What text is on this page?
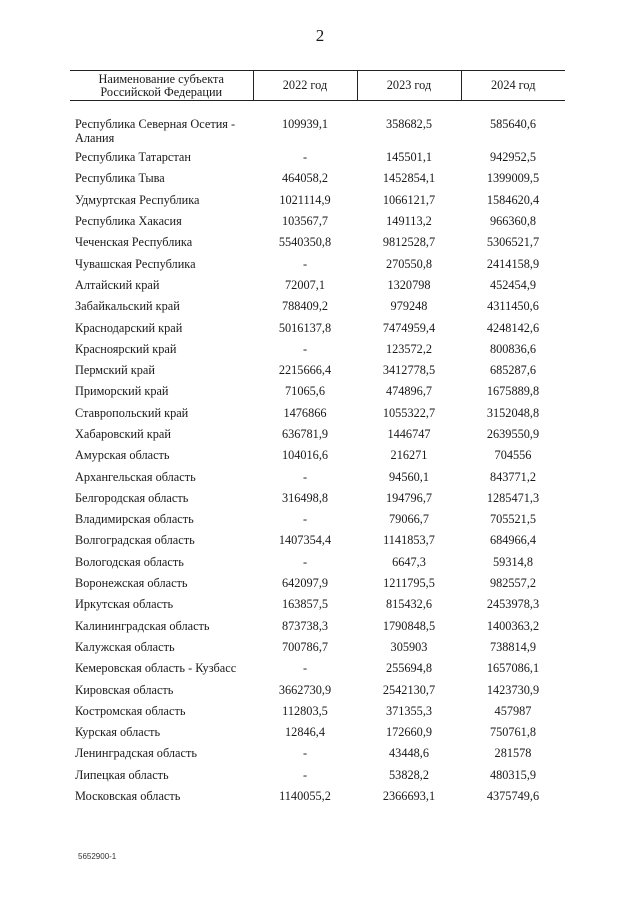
2
Наименование субъекта Российской Федерации	2022 год	2023 год	2024 год

Республика Северная Осетия - Алания	109939,1	358682,5	585640,6
Республика Татарстан	-	145501,1	942952,5
Республика Тыва	464058,2	1452854,1	1399009,5
Удмуртская Республика	1021114,9	1066121,7	1584620,4
Республика Хакасия	103567,7	149113,2	966360,8
Чеченская Республика	5540350,8	9812528,7	5306521,7
Чувашская Республика	-	270550,8	2414158,9
Алтайский край	72007,1	1320798	452454,9
Забайкальский край	788409,2	979248	4311450,6
Краснодарский край	5016137,8	7474959,4	4248142,6
Красноярский край	-	123572,2	800836,6
Пермский край	2215666,4	3412778,5	685287,6
Приморский край	71065,6	474896,7	1675889,8
Ставропольский край	1476866	1055322,7	3152048,8
Хабаровский край	636781,9	1446747	2639550,9
Амурская область	104016,6	216271	704556
Архангельская область	-	94560,1	843771,2
Белгородская область	316498,8	194796,7	1285471,3
Владимирская область	-	79066,7	705521,5
Волгоградская область	1407354,4	1141853,7	684966,4
Вологодская область	-	6647,3	59314,8
Воронежская область	642097,9	1211795,5	982557,2
Иркутская область	163857,5	815432,6	2453978,3
Калининградская область	873738,3	1790848,5	1400363,2
Калужская область	700786,7	305903	738814,9
Кемеровская область - Кузбасс	-	255694,8	1657086,1
Кировская область	3662730,9	2542130,7	1423730,9
Костромская область	112803,5	371355,3	457987
Курская область	12846,4	172660,9	750761,8
Ленинградская область	-	43448,6	281578
Липецкая область	-	53828,2	480315,9
Московская область	1140055,2	2366693,1	4375749,6
5652900-1
